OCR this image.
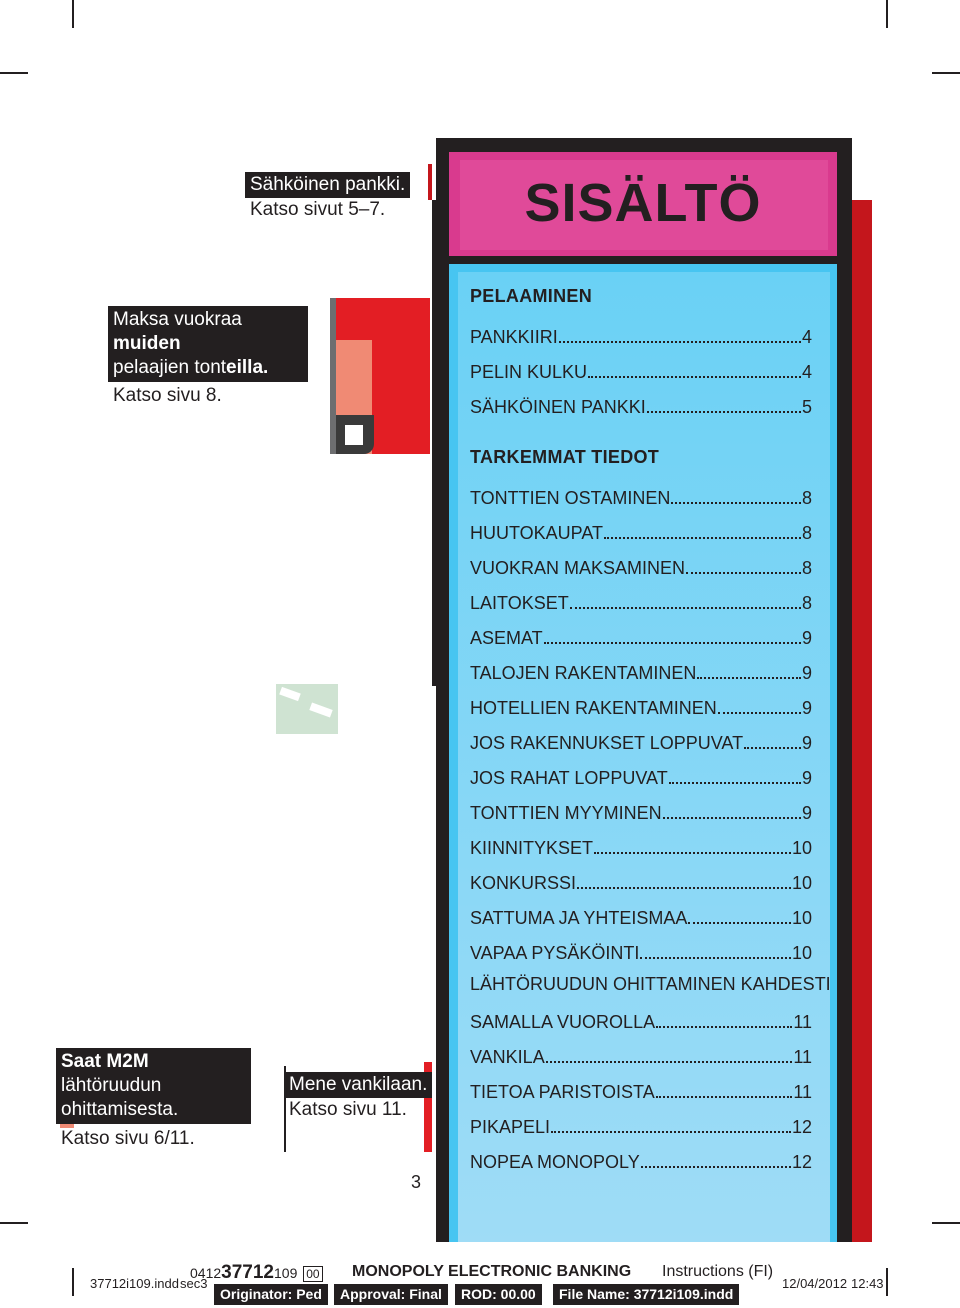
Sähköinen pankki.
Katso sivut 5–7.
Maksa vuokraa muiden
pelaajien tonteilla.
Katso sivu 8.
Saat M2M lähtöruudun
ohittamisesta.
Katso sivu 6/11.
Mene vankilaan.
Katso sivu 11.
3
SISÄLTÖ
PELAAMINEN
PANKKIIRI	4
PELIN KULKU	4
SÄHKÖINEN PANKKI	5
TARKEMMAT TIEDOT
TONTTIEN OSTAMINEN	8
HUUTOKAUPAT	8
VUOKRAN MAKSAMINEN	8
LAITOKSET	8
ASEMAT	9
TALOJEN RAKENTAMINEN	9
HOTELLIEN RAKENTAMINEN	9
JOS RAKENNUKSET LOPPUVAT	9
JOS RAHAT LOPPUVAT	9
TONTTIEN MYYMINEN	9
KIINNITYKSET	10
KONKURSSI	10
SATTUMA JA YHTEISMAA	10
VAPAA PYSÄKÖINTI	10
LÄHTÖRUUDUN OHITTAMINEN KAHDESTI
SAMALLA VUOROLLA	11
VANKILA	11
TIETOA PARISTOISTA	11
PIKAPELI	12
NOPEA MONOPOLY	12
37712i109.indd sec3
041237712109 00 MONOPOLY ELECTRONIC BANKING Instructions (FI)
12/04/2012 12:43
Originator: Ped	Approval: Final	ROD: 00.00	File Name: 37712i109.indd
